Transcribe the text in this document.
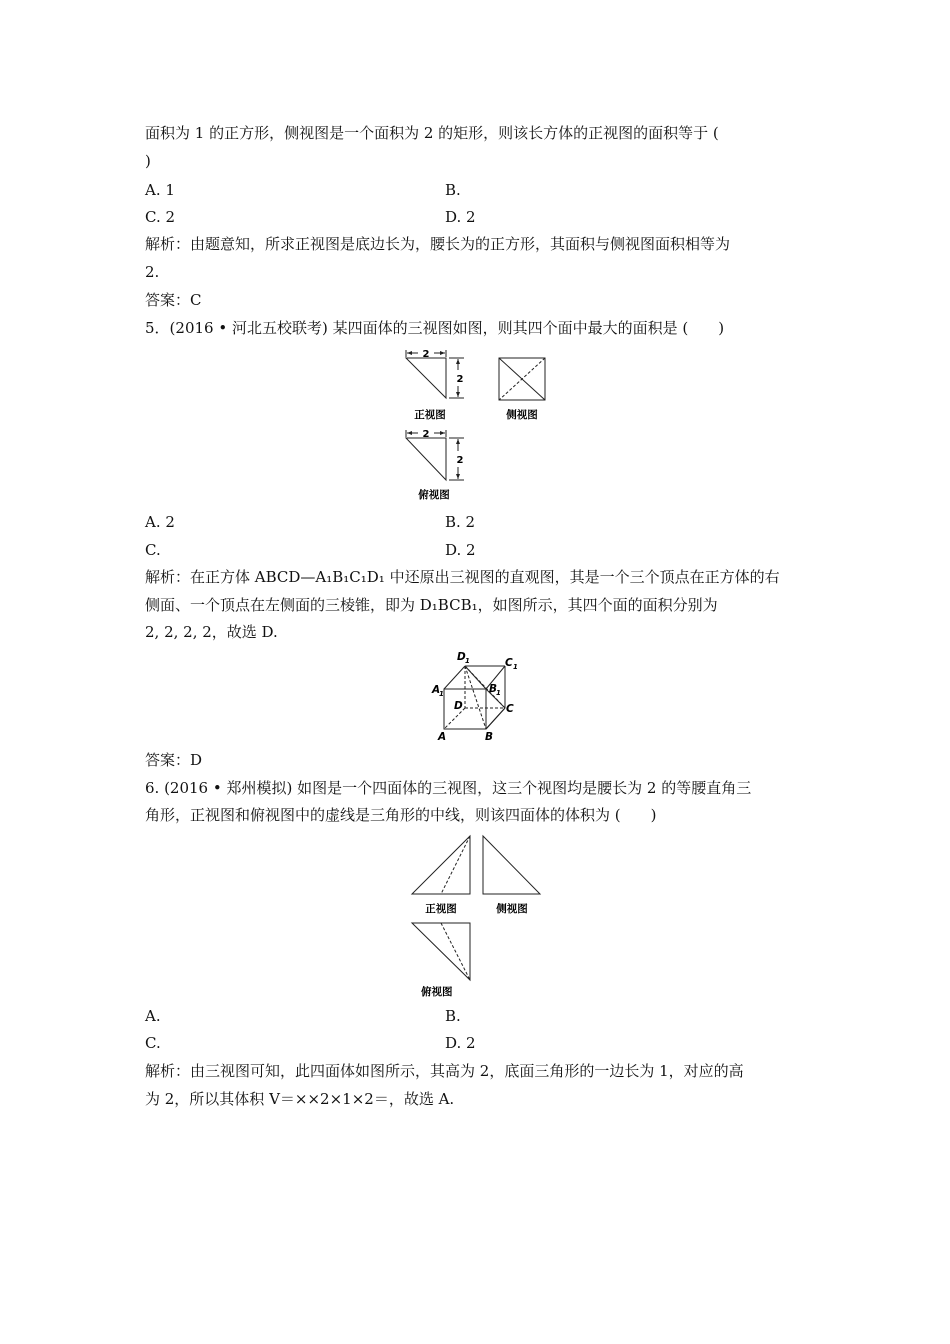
面积为 1 的正方形，侧视图是一个面积为 2 的矩形，则该长方体的正视图的面积等于 (
)
A. 1	B.
C. 2	D. 2
解析：由题意知，所求正视图是底边长为，腰长为的正方形，其面积与侧视图面积相等为
2.
答案：C
5．(2016 • 河北五校联考) 某四面体的三视图如图，则其四个面中最大的面积是 (　　)
2
2
正视图	侧视图
2
2
俯视图
A. 2	B. 2
C.	D. 2
解析：在正方体 ABCD—A₁B₁C₁D₁ 中还原出三视图的直观图，其是一个三个顶点在正方体的右
侧面、一个顶点在左侧面的三棱锥，即为 D₁BCB₁，如图所示，其四个面的面积分别为
2, 2, 2, 2，故选 D.
D 1	C 1
A
1	B
1
D	C
A	B
答案：D
6. (2016 • 郑州模拟) 如图是一个四面体的三视图，这三个视图均是腰长为 2 的等腰直角三
角形，正视图和俯视图中的虚线是三角形的中线，则该四面体的体积为 (　　)
正视图	侧视图
俯视图
A.	B.
C.	D. 2
解析：由三视图可知，此四面体如图所示，其高为 2，底面三角形的一边长为 1，对应的高
为 2，所以其体积 V＝××2×1×2＝，故选 A.
